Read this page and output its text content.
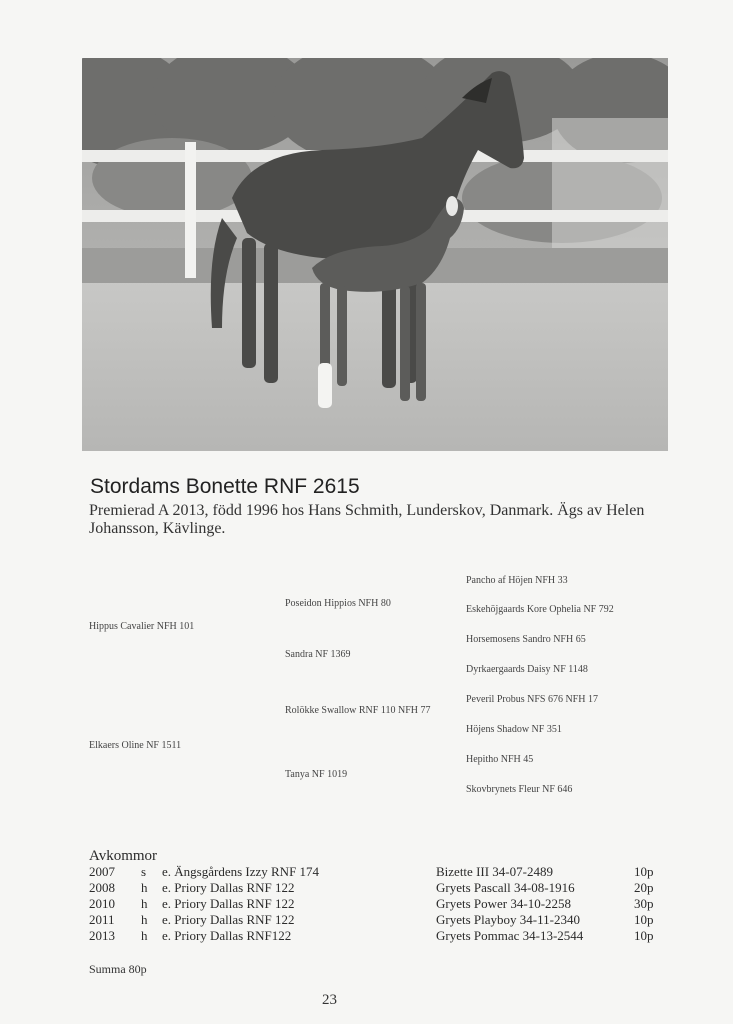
Stordams Bonette RNF 2615
Premierad A 2013, född 1996 hos Hans Schmith, Lunderskov, Danmark. Ägs av Helen Johansson, Kävlinge.
Hippus Cavalier NFH 101
Elkaers Oline NF 1511
Poseidon Hippios NFH 80
Sandra NF 1369
Rolökke Swallow RNF 110 NFH 77
Tanya NF 1019
Pancho af Höjen NFH 33
Eskehöjgaards Kore Ophelia NF 792
Horsemosens Sandro NFH 65
Dyrkaergaards Daisy NF 1148
Peveril Probus NFS 676 NFH 17
Höjens Shadow NF 351
Hepitho NFH 45
Skovbrynets Fleur NF 646
Avkommor
2007 s e. Ängsgårdens Izzy RNF 174	Bizette III 34-07-2489	10p
2008 h e. Priory Dallas RNF 122	Gryets Pascall 34-08-1916	20p
2010 h e. Priory Dallas RNF 122	Gryets Power 34-10-2258	30p
2011 h e. Priory Dallas RNF 122	Gryets Playboy 34-11-2340	10p
2013 h e. Priory Dallas RNF122	Gryets Pommac 34-13-2544	10p
Summa 80p
23
